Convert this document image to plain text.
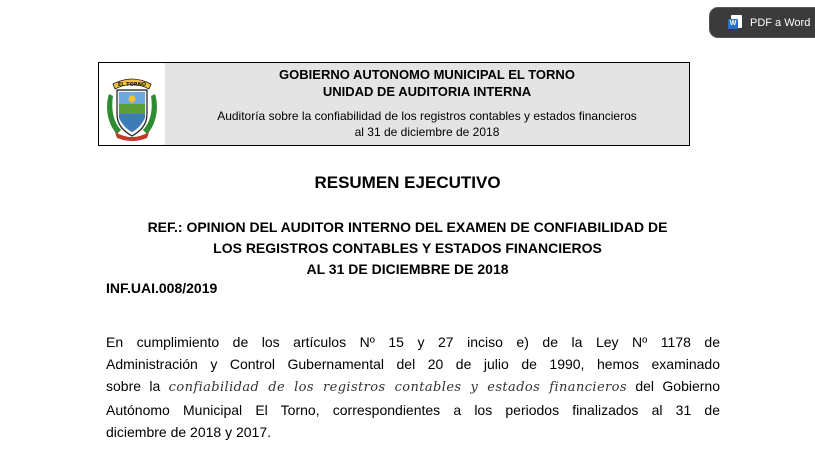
W PDF a Word
EL TORNO
GOBIERNO AUTONOMO MUNICIPAL EL TORNO
UNIDAD DE AUDITORIA INTERNA
Auditoría sobre la confiabilidad de los registros contables y estados financieros
al 31 de diciembre de 2018
RESUMEN EJECUTIVO
REF.: OPINION DEL AUDITOR INTERNO DEL EXAMEN DE CONFIABILIDAD DE
LOS REGISTROS CONTABLES Y ESTADOS FINANCIEROS
AL 31 DE DICIEMBRE DE 2018
INF.UAI.008/2019
En cumplimiento de los artículos Nº 15 y 27 inciso e) de la Ley Nº 1178 de
Administración y Control Gubernamental del 20 de julio de 1990, hemos examinado
sobre la confiabilidad de los registros contables y estados financieros del Gobierno
Autónomo Municipal El Torno, correspondientes a los periodos finalizados al 31 de
diciembre de 2018 y 2017.
